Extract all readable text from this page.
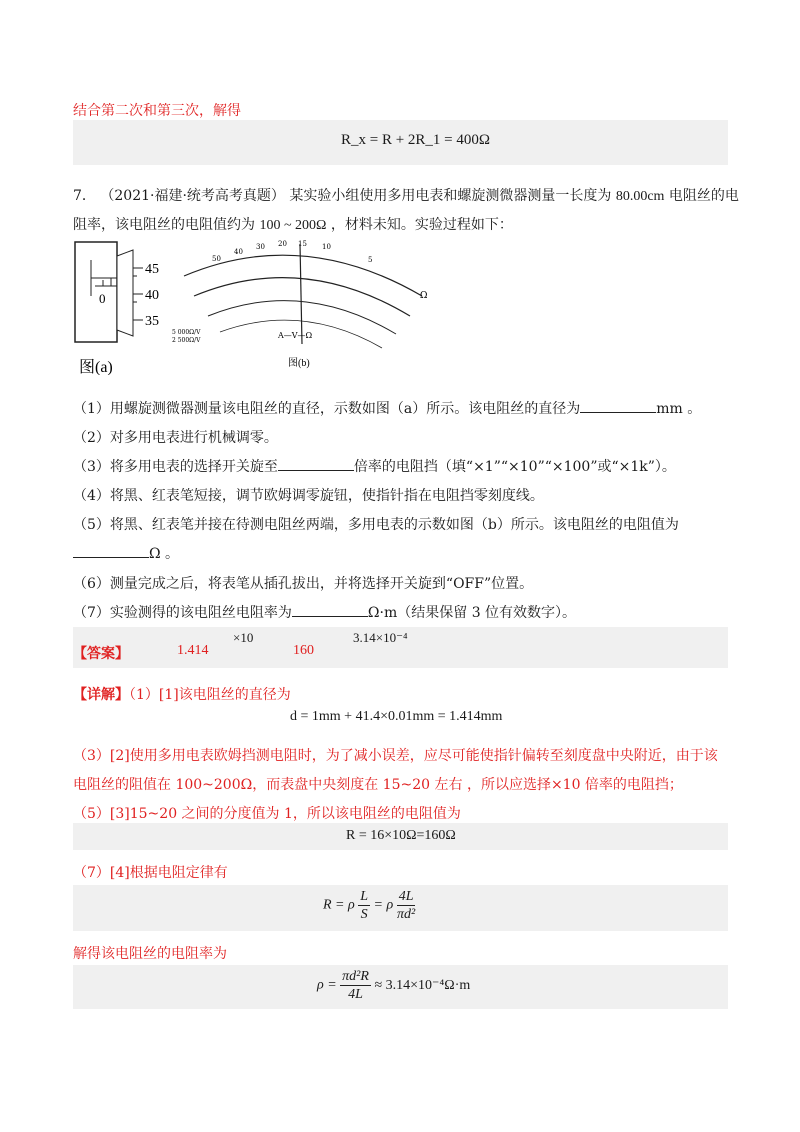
结合第二次和第三次，解得
R_x = R + 2R_1 = 400Ω
7． （2021·福建·统考高考真题） 某实验小组使用多用电表和螺旋测微器测量一长度为 80.00cm 电阻丝的电
阻率，该电阻丝的电阻值约为 100 ~ 200Ω ，材料未知。实验过程如下：
45
40
35
0
图(a)
50
40
30 20 15 10
5
Ω
5 000Ω/V
2 500Ω/V
A—V—Ω
图(b)
（1）用螺旋测微器测量该电阻丝的直径，示数如图（a）所示。该电阻丝的直径为	mm 。
（2）对多用电表进行机械调零。
（3）将多用电表的选择开关旋至	倍率的电阻挡（填“×1”“×10”“×100”或“×1k”）。
（4）将黑、红表笔短接，调节欧姆调零旋钮，使指针指在电阻挡零刻度线。
（5）将黑、红表笔并接在待测电阻丝两端，多用电表的示数如图（b）所示。该电阻丝的电阻值为
Ω 。
（6）测量完成之后，将表笔从插孔拔出，并将选择开关旋到“OFF”位置。
（7）实验测得的该电阻丝电阻率为	Ω·m（结果保留 3 位有效数字）。
【答案】	1.414
×10
160
3.14×10⁻⁴
【详解】（1）[1]该电阻丝的直径为
d = 1mm + 41.4×0.01mm = 1.414mm
（3）[2]使用多用电表欧姆挡测电阻时，为了减小误差，应尽可能使指针偏转至刻度盘中央附近，由于该
电阻丝的阻值在 100~200Ω，而表盘中央刻度在 15~20 左右 ，所以应选择×10 倍率的电阻挡；
（5）[3]15~20 之间的分度值为 1，所以该电阻丝的电阻值为
R = 16×10Ω=160Ω
（7）[4]根据电阻定律有
R = ρ $\frac{L}{S} = \rho \frac{4L}{\text{πd²}}$
解得该电阻丝的电阻率为
$\rho = \frac{\text{πd²R}}{4L} \approx 3.14\times 10^{-4}\Omega\cdot m$
